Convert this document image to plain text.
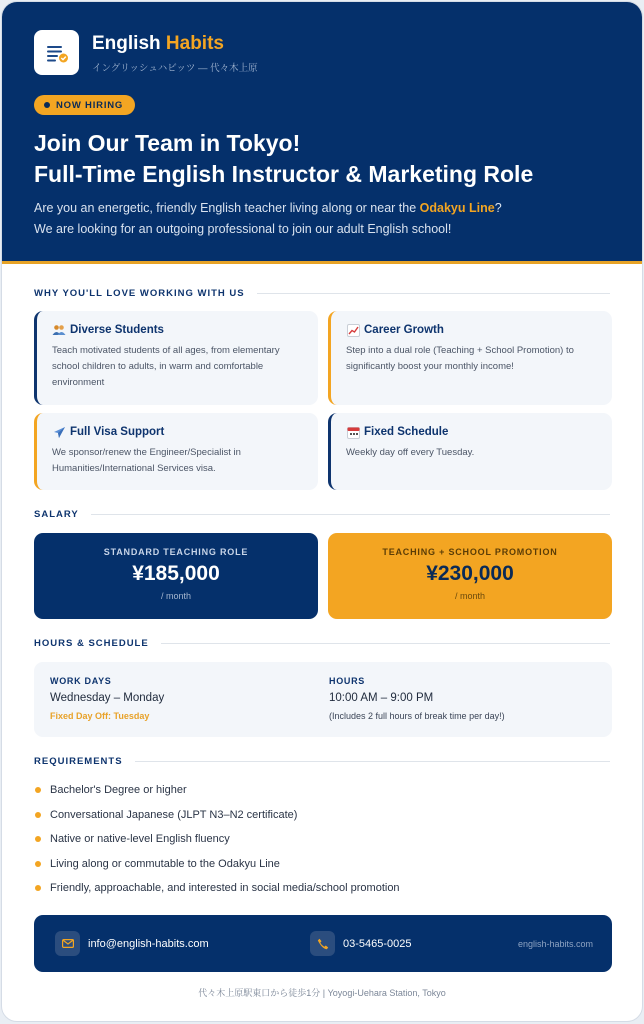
English Habits
イングリッシュハビッツ — 代々木上原
NOW HIRING
Join Our Team in Tokyo!
Full-Time English Instructor & Marketing Role
Are you an energetic, friendly English teacher living along or near the Odakyu Line?
We are looking for an outgoing professional to join our adult English school!
WHY YOU'LL LOVE WORKING WITH US
Diverse Students
Teach motivated students of all ages, from elementary school children to adults, in warm and comfortable environment
Career Growth
Step into a dual role (Teaching + School Promotion) to significantly boost your monthly income!
Full Visa Support
We sponsor/renew the Engineer/Specialist in Humanities/International Services visa.
Fixed Schedule
Weekly day off every Tuesday.
SALARY
STANDARD TEACHING ROLE
¥185,000
/ month
TEACHING + SCHOOL PROMOTION
¥230,000
/ month
HOURS & SCHEDULE
WORK DAYS
Wednesday – Monday
Fixed Day Off: Tuesday
HOURS
10:00 AM – 9:00 PM
(Includes 2 full hours of break time per day!)
REQUIREMENTS
Bachelor's Degree or higher
Conversational Japanese (JLPT N3–N2 certificate)
Native or native-level English fluency
Living along or commutable to the Odakyu Line
Friendly, approachable, and interested in social media/school promotion
info@english-habits.com	03-5465-0025	english-habits.com
代々木上原駅東口から徒歩1分 | Yoyogi-Uehara Station, Tokyo
